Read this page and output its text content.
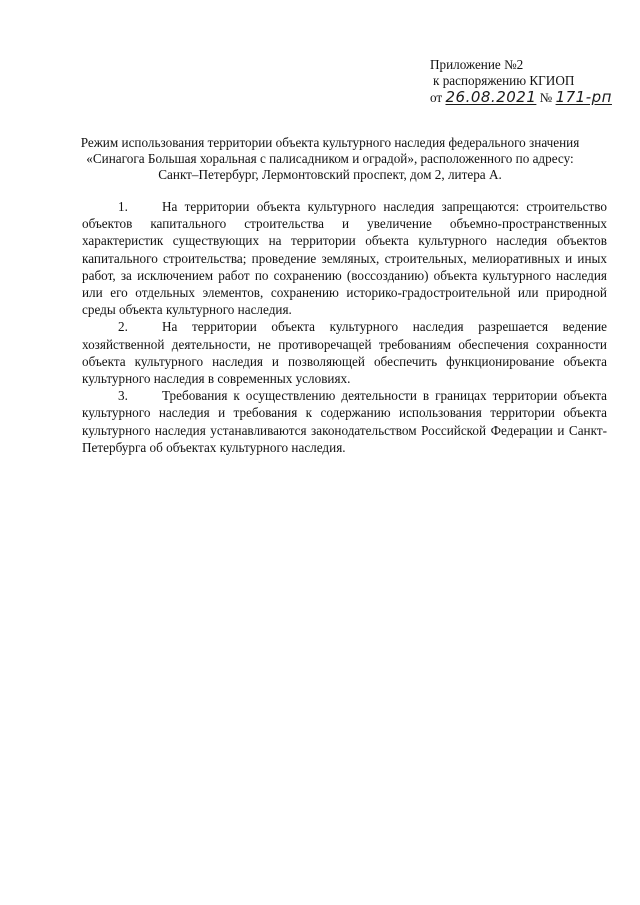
Приложение №2
к распоряжению КГИОП
от 26.08.2021 № 171-рп
Режим использования территории объекта культурного наследия федерального значения
«Синагога Большая хоральная с палисадником и оградой», расположенного по адресу:
Санкт–Петербург, Лермонтовский проспект, дом 2, литера А.

1.	На территории объекта культурного наследия запрещаются: строительство объектов капитального строительства и увеличение объемно-пространственных характеристик существующих на территории объекта культурного наследия объектов капитального строительства; проведение земляных, строительных, мелиоративных и иных работ, за исключением работ по сохранению (воссозданию) объекта культурного наследия или его отдельных элементов, сохранению историко-градостроительной или природной среды объекта культурного наследия.

2.	На территории объекта культурного наследия разрешается ведение хозяйственной деятельности, не противоречащей требованиям обеспечения сохранности объекта культурного наследия и позволяющей обеспечить функционирование объекта культурного наследия в современных условиях.

3.	Требования к осуществлению деятельности в границах территории объекта культурного наследия и требования к содержанию использования территории объекта культурного наследия устанавливаются законодательством Российской Федерации и Санкт-Петербурга об объектах культурного наследия.
